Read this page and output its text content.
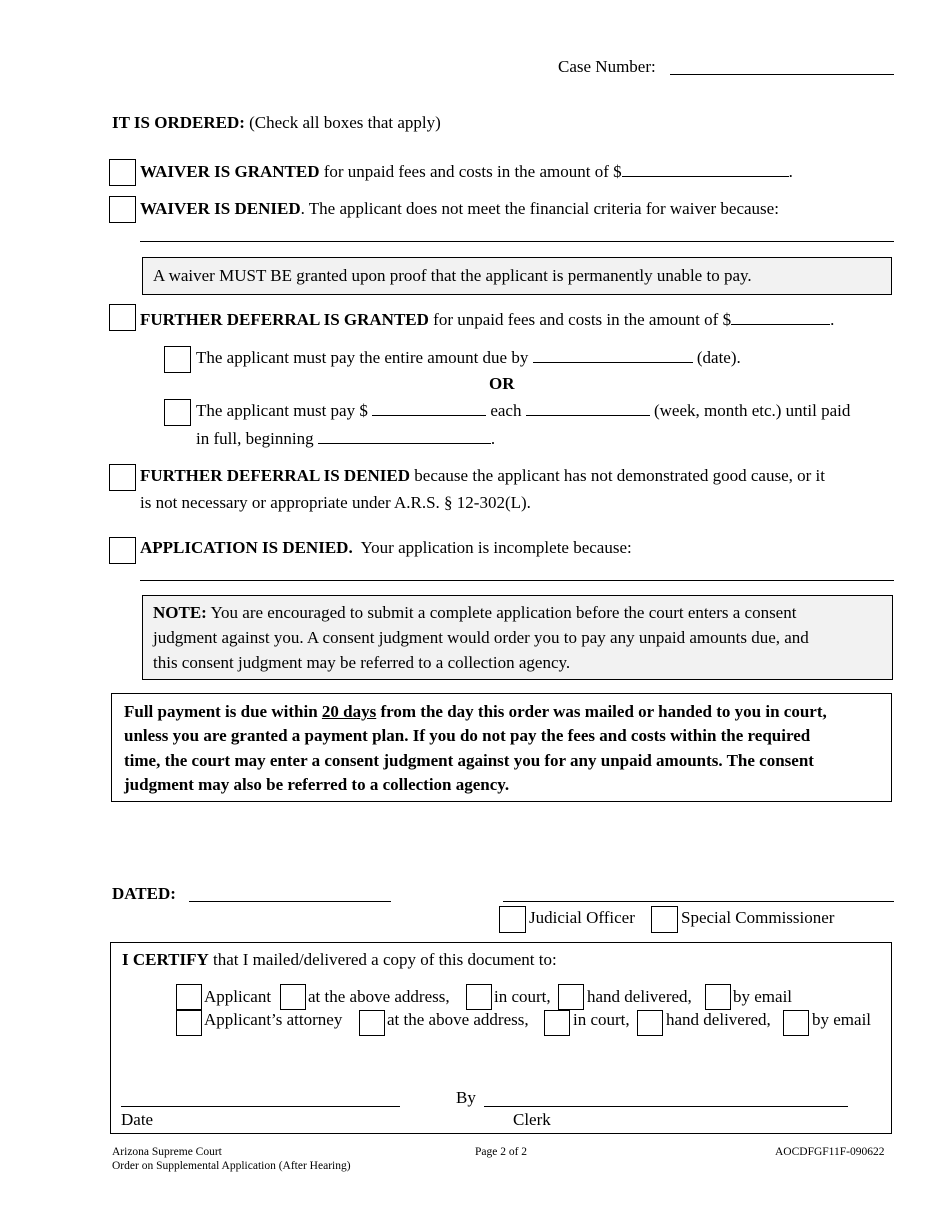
Case Number:
IT IS ORDERED: (Check all boxes that apply)
WAIVER IS GRANTED for unpaid fees and costs in the amount of $	.
WAIVER IS DENIED. The applicant does not meet the financial criteria for waiver because:
A waiver MUST BE granted upon proof that the applicant is permanently unable to pay.
FURTHER DEFERRAL IS GRANTED for unpaid fees and costs in the amount of $	.
The applicant must pay the entire amount due by	(date).
OR
The applicant must pay $	each	(week, month etc.) until paid
in full, beginning	.
FURTHER DEFERRAL IS DENIED because the applicant has not demonstrated good cause, or it
is not necessary or appropriate under A.R.S. § 12-302(L).
APPLICATION IS DENIED. Your application is incomplete because:
NOTE: You are encouraged to submit a complete application before the court enters a consent
judgment against you. A consent judgment would order you to pay any unpaid amounts due, and
this consent judgment may be referred to a collection agency.
Full payment is due within 20 days from the day this order was mailed or handed to you in court,
unless you are granted a payment plan. If you do not pay the fees and costs within the required
time, the court may enter a consent judgment against you for any unpaid amounts. The consent
judgment may also be referred to a collection agency.
DATED:
Judicial Officer	Special Commissioner
I CERTIFY that I mailed/delivered a copy of this document to:
Applicant at the above address,	in court, hand delivered, by email
Applicant’s attorney	at the above address,	in court, hand delivered, by email
By
Date	Clerk
Arizona Supreme Court
Order on Supplemental Application (After Hearing)
Page 2 of 2	AOCDFGF11F-090622
